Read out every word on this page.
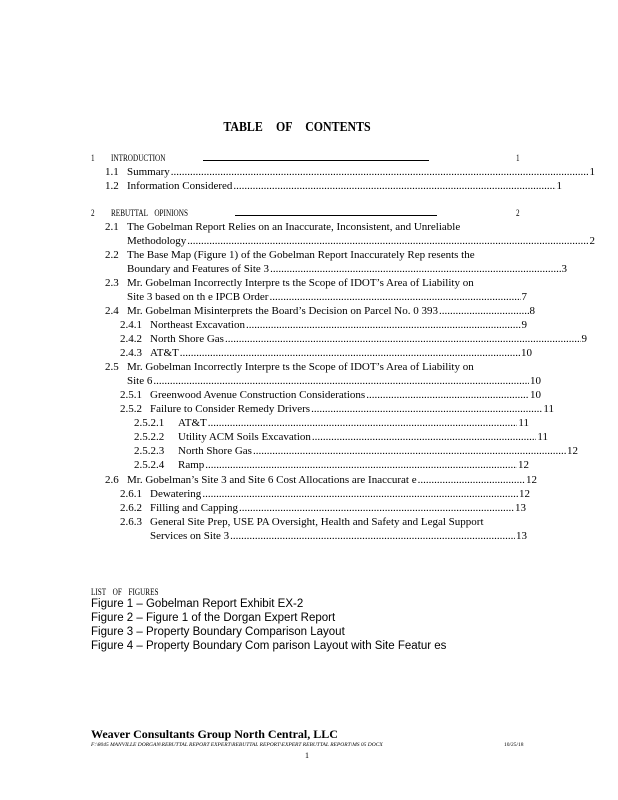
TABLE OF CONTENTS
1 INTRODUCTION	1
1.1 Summary .....	1
1.2 Information Considered .....	1
2 REBUTTAL OPINIONS	2
2.1 The Gobelman Report Relies on an Inaccurate, Inconsistent, and Unreliable
Methodology .....	2
2.2 The Base Map (Figure 1) of the Gobelman Report Inaccurately Rep resents the
Boundary and Features of Site 3 .....	3
2.3 Mr. Gobelman Incorrectly Interpre ts the Scope of IDOT’s Area of Liability on
Site 3 based on th e IPCB Order .....	7
2.4 Mr. Gobelman Misinterprets the Board’s Decision on Parcel No. 0 393 .....	8
2.4.1 Northeast Excavation .....	9
2.4.2 North Shore Gas .....	9
2.4.3 AT&T .....	10
2.5 Mr. Gobelman Incorrectly Interpre ts the Scope of IDOT’s Area of Liability on
Site 6 .....	10
2.5.1 Greenwood Avenue Construction Considerations .....	10
2.5.2 Failure to Consider Remedy Drivers .....	11
2.5.2.1	AT&T .....	11
2.5.2.2	Utility ACM Soils Excavation .....	11
2.5.2.3	North Shore Gas .....	12
2.5.2.4	Ramp .....	12
2.6 Mr. Gobelman’s Site 3 and Site 6 Cost Allocations are Inaccurat e .....	12
2.6.1 Dewatering .....	12
2.6.2 Filling and Capping .....	13
2.6.3 General Site Prep, USE PA Oversight, Health and Safety and Legal Support
Services on Site 3 .....	13
LIST OF FIGURES
Figure 1 – Gobelman Report Exhibit EX-2
Figure 2 – Figure 1 of the Dorgan Expert Report
Figure 3 – Property Boundary Comparison Layout
Figure 4 – Property Boundary Com parison Layout with Site Featur es
Weaver Consultants Group North Central, LLC
F:\8045 MANVILLE DORGAN\REBUTTAL REPORT EXPERT\REBUTTAL REPORT\EXPERT REBUTTAL REPORT\MS 05 DOCX	10/25/18
1
